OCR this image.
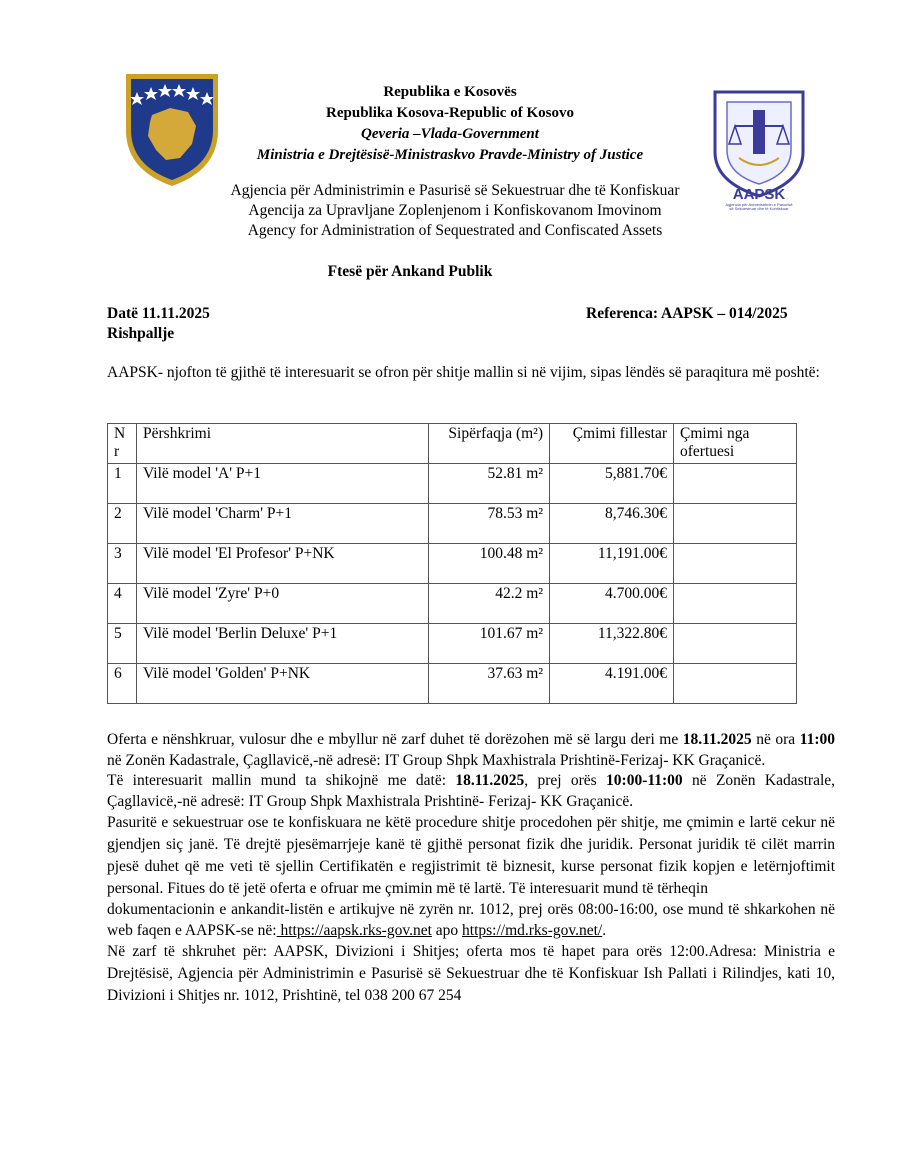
AAPSK
Agjencia për Administrimin e Pasurisë
së Sekuestruar dhe të Konfiskuar
Republika e Kosovës
Republika Kosova-Republic of Kosovo
Qeveria –Vlada-Government
Ministria e Drejtësisë-Ministraskvo Pravde-Ministry of Justice
Agjencia për Administrimin e Pasurisë së Sekuestruar dhe të Konfiskuar
Agencija za Upravljane Zoplenjenom i Konfiskovanom Imovinom
Agency for Administration of Sequestrated and Confiscated Assets
Ftesë për Ankand Publik
Datë 11.11.2025
Rishpallje
Referenca: AAPSK – 014/2025
AAPSK- njofton të gjithë të interesuarit se ofron për shitje mallin si në vijim, sipas lëndës së paraqitura më poshtë:
N r	Përshkrimi	Sipërfaqja (m²)	Çmimi fillestar	Çmimi nga ofertuesi
1	Vilë model 'A' P+1	52.81 m²	5,881.70€	
2	Vilë model 'Charm' P+1	78.53 m²	8,746.30€	
3	Vilë model 'El Profesor' P+NK	100.48 m²	11,191.00€	
4	Vilë model 'Zyre' P+0	42.2 m²	4.700.00€	
5	Vilë model 'Berlin Deluxe' P+1	101.67 m²	11,322.80€	
6	Vilë model 'Golden' P+NK	37.63 m²	4.191.00€	

Oferta e nënshkruar, vulosur dhe e mbyllur në zarf duhet të dorëzohen më së largu deri me 18.11.2025 në ora 11:00 në Zonën Kadastrale, Çagllavicë,-në adresë: IT Group Shpk Maxhistrala Prishtinë-Ferizaj- KK Graçanicë.

Të interesuarit mallin mund ta shikojnë me datë: 18.11.2025, prej orës 10:00-11:00 në Zonën Kadastrale, Çagllavicë,-në adresë: IT Group Shpk Maxhistrala Prishtinë- Ferizaj- KK Graçanicë.

Pasuritë e sekuestruar ose te konfiskuara ne këtë procedure shitje procedohen për shitje, me çmimin e lartë cekur në gjendjen siç janë. Të drejtë pjesëmarrjeje kanë të gjithë personat fizik dhe juridik. Personat juridik të cilët marrin pjesë duhet që me veti të sjellin Certifikatën e regjistrimit të biznesit, kurse personat fizik kopjen e letërnjoftimit personal. Fitues do të jetë oferta e ofruar me çmimin më të lartë. Të interesuarit mund të tërheqin

dokumentacionin e ankandit-listën e artikujve në zyrën nr. 1012, prej orës 08:00-16:00, ose mund të shkarkohen në web faqen e AAPSK-se në: https://aapsk.rks-gov.net apo https://md.rks-gov.net/.

Në zarf të shkruhet për: AAPSK, Divizioni i Shitjes; oferta mos të hapet para orës 12:00.Adresa: Ministria e Drejtësisë, Agjencia për Administrimin e Pasurisë së Sekuestruar dhe të Konfiskuar Ish Pallati i Rilindjes, kati 10, Divizioni i Shitjes nr. 1012, Prishtinë, tel 038 200 67 254
